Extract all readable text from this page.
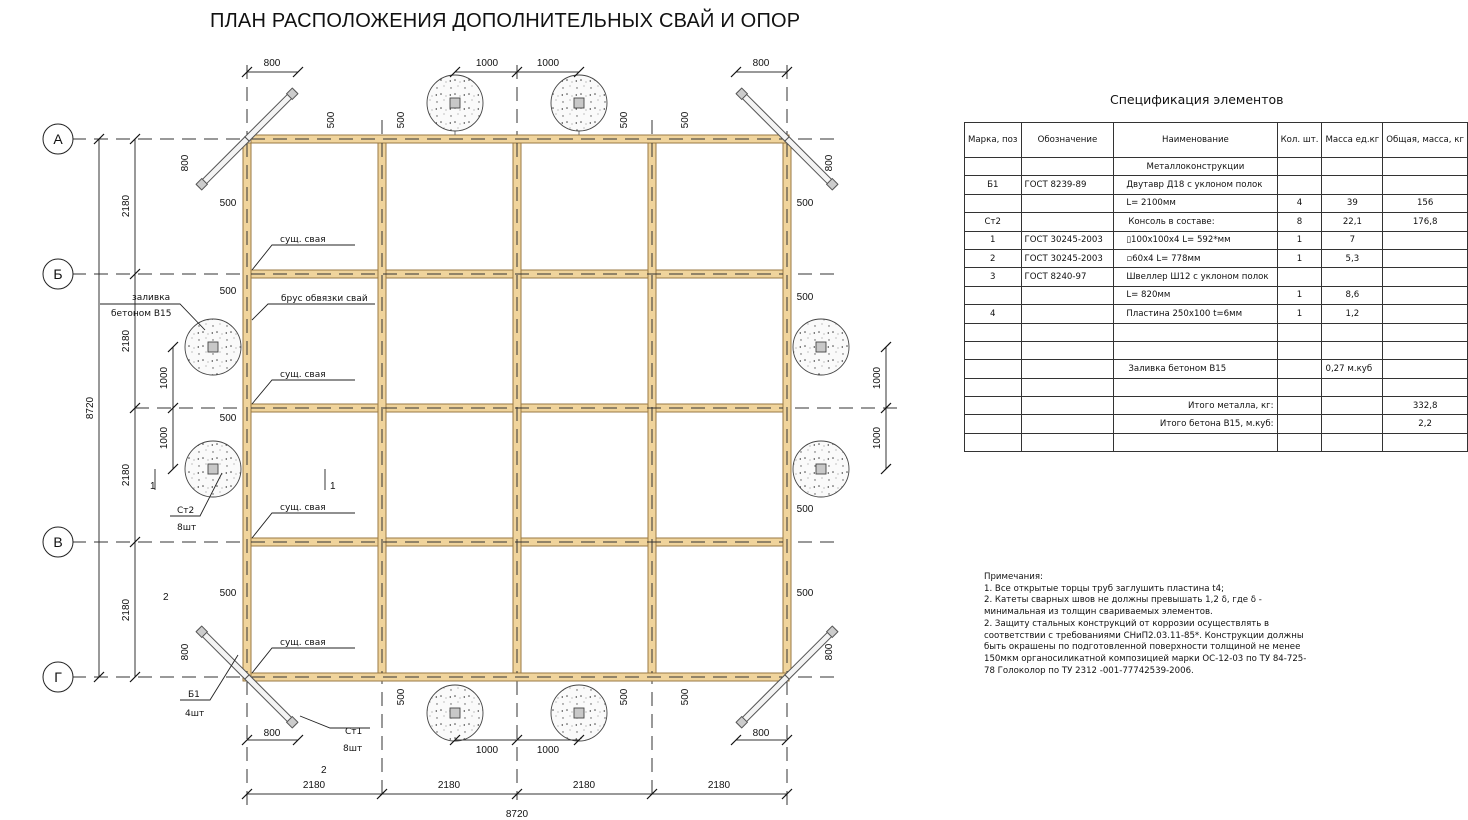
ПЛАН РАСПОЛОЖЕНИЯ ДОПОЛНИТЕЛЬНЫХ СВАЙ И ОПОР
А
Б
В
Г
8720
2180
2180
2180
2180
2180	2180	2180	2180
8720
800	1000	1000	800
1000	1000
800	800
1000
1000
1000
1000
500
500
500
500
500	500
500	500
500	500	500	500
500	500	500
800	800
800	800
сущ. свая
сущ. свая
сущ. свая
сущ. свая
брус обвязки свай
заливка
бетоном В15
Ст2
8шт
Б1
4шт
Ст1
8шт
1	1
2
2
Спецификация элементов
Марка, поз	Обозначение	Наименование	Кол. шт.	Масса ед.кг	Общая, масса, кг
		Металлоконструкции			
Б1	ГОСТ 8239-89	Двутавр Д18 с уклоном полок			
		L= 2100мм	4	39	156
Ст2		Консоль в составе:	8	22,1	176,8
1	ГОСТ 30245-2003	▯100х100х4 L= 592*мм	1	7	
2	ГОСТ 30245-2003	▫60х4 L= 778мм	1	5,3	
3	ГОСТ 8240-97	Швеллер Ш12 с уклоном полок			
		L= 820мм	1	8,6	
4		Пластина 250х100 t=6мм	1	1,2	

		Заливка бетоном В15		0,27 м.куб	

		Итого металла, кг:			332,8
		Итого бетона В15, м.куб:			2,2

Примечания:
1. Все открытые торцы труб заглушить пластина t4;
2. Катеты сварных швов не должны превышать 1,2 δ, где δ -
минимальная из толщин свариваемых элементов.
2. Защиту стальных конструкций от коррозии осуществлять в
соответствии с требованиями СНиП2.03.11-85*. Конструкции должны
быть окрашены по подготовленной поверхности толщиной не менее
150мкм органосиликатной композицией марки ОС-12-03 по ТУ 84-725-
78 Голоколор по ТУ 2312 -001-77742539-2006.
